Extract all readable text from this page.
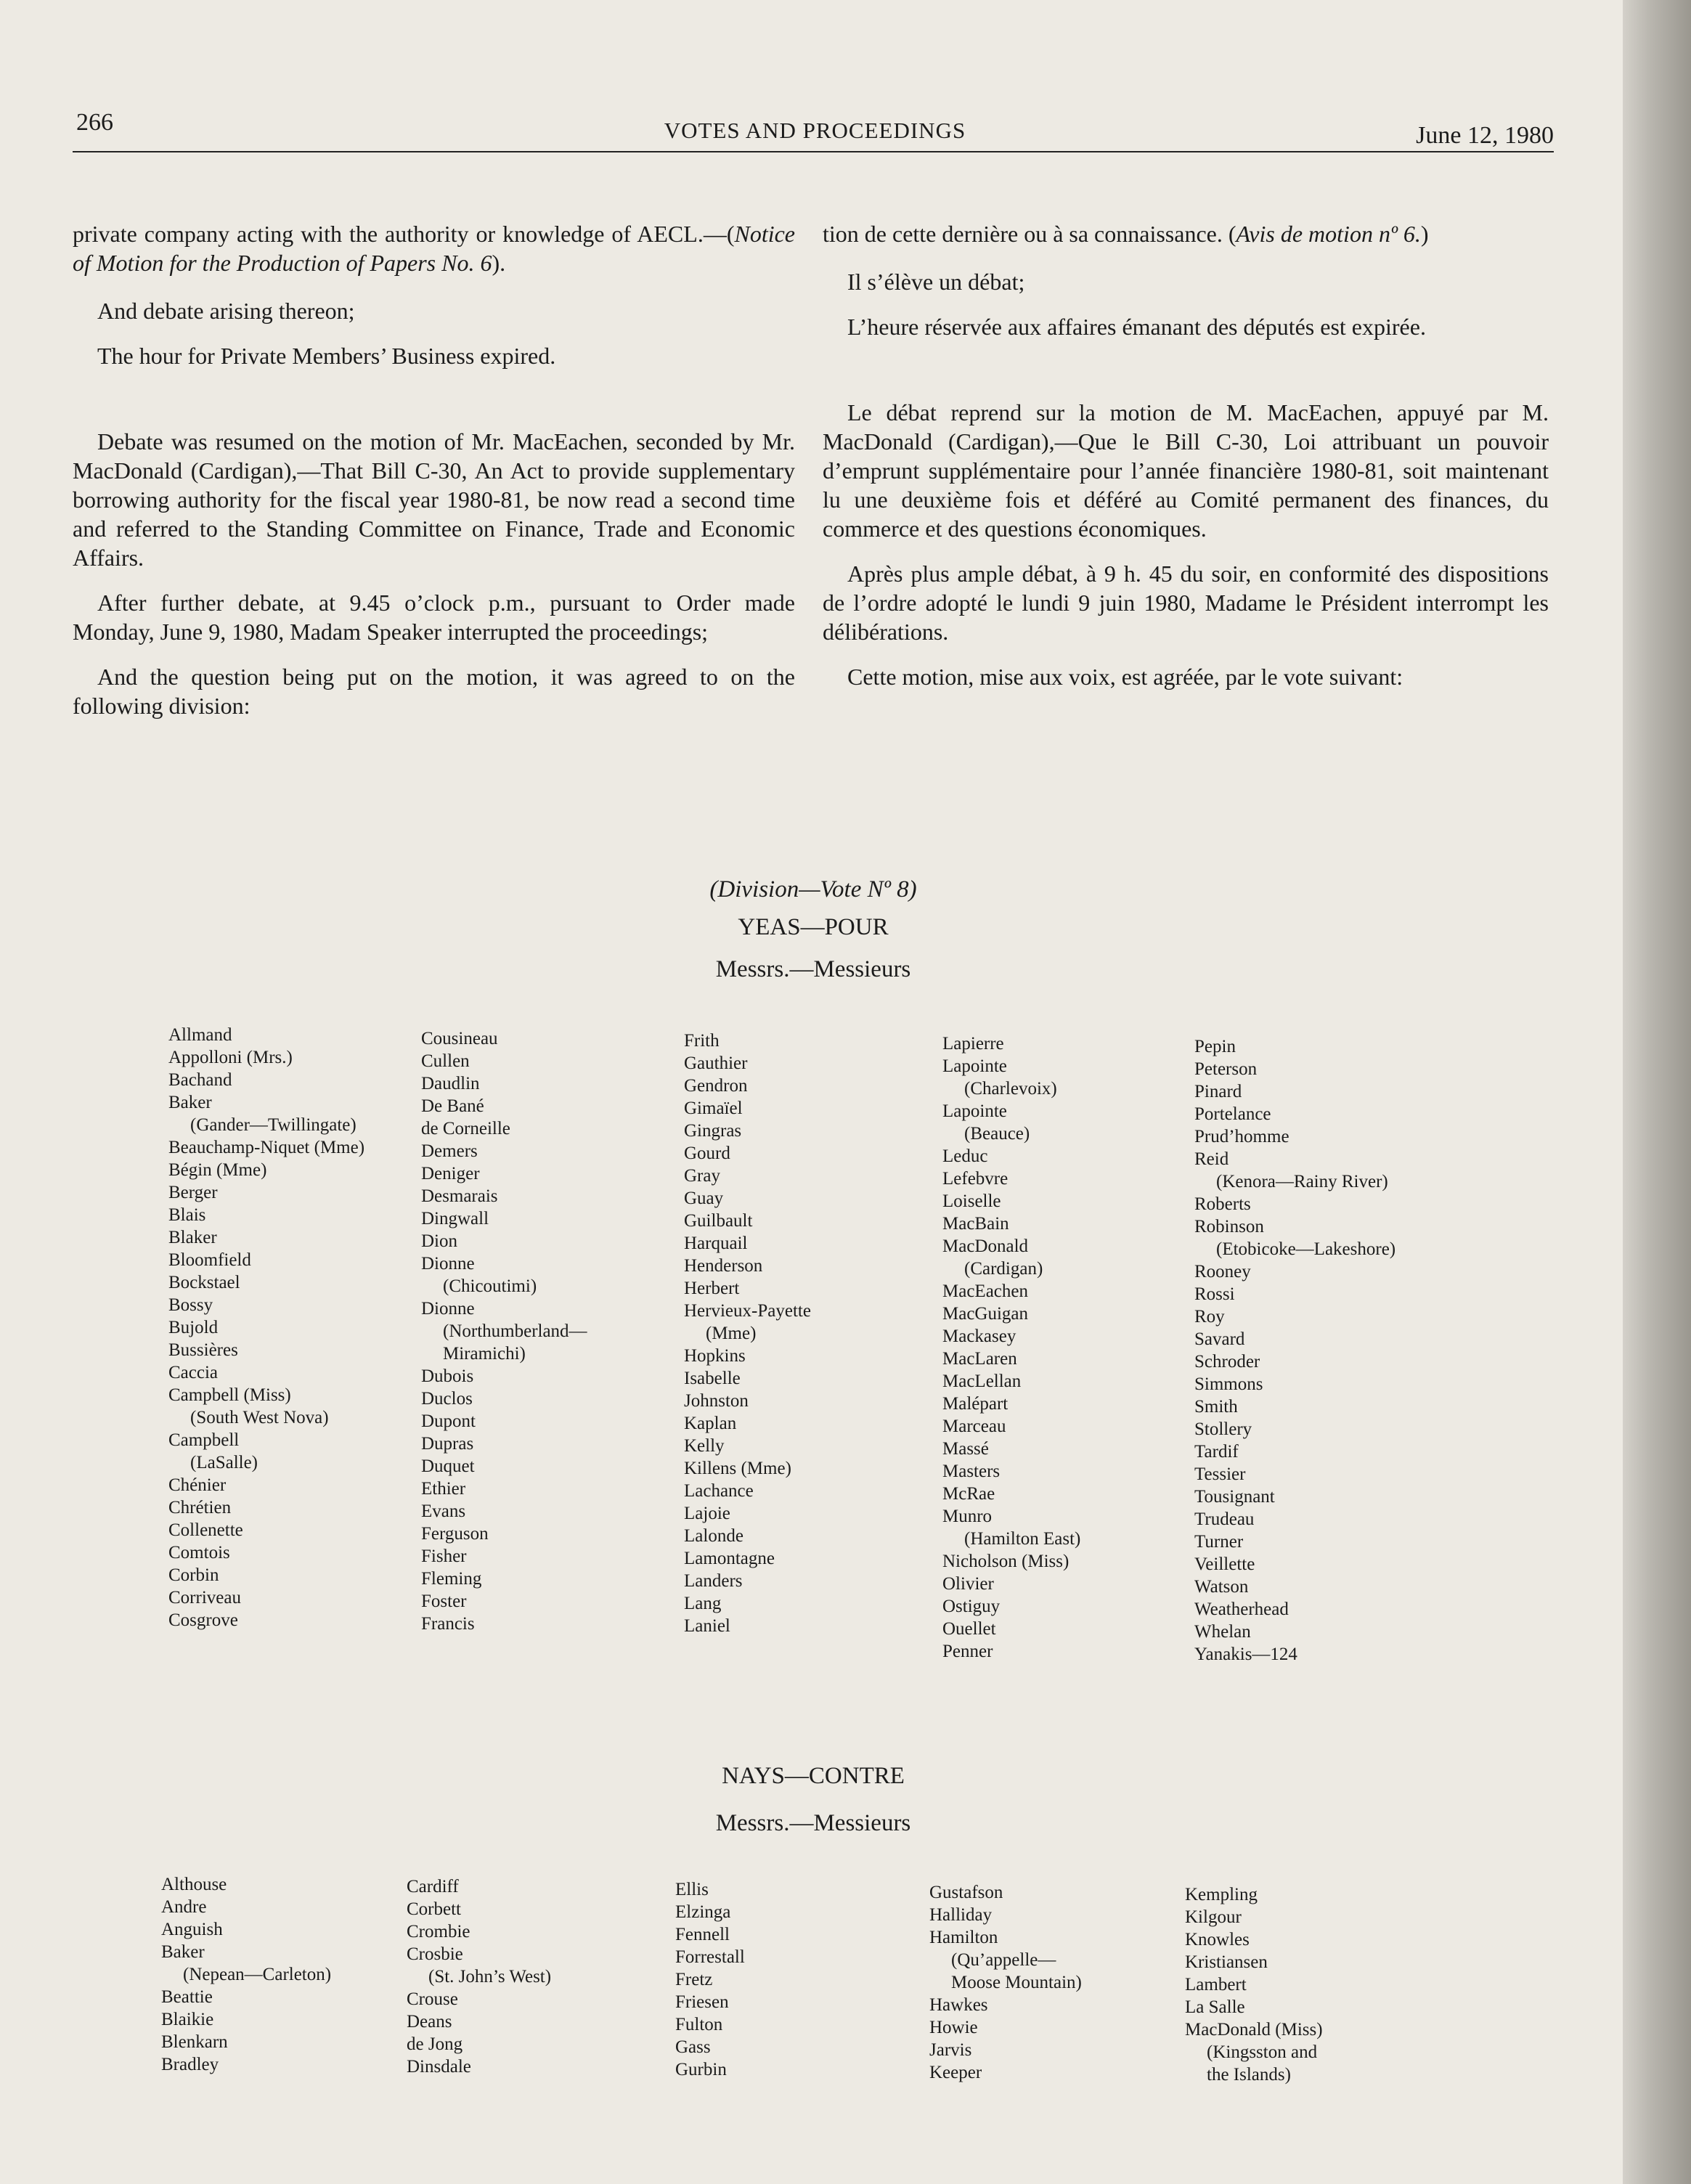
266	VOTES AND PROCEEDINGS	June 12, 1980

private company acting with the authority or knowledge of AECL.—(Notice of Motion for the Production of Papers No. 6).

And debate arising thereon;

The hour for Private Members’ Business expired.

Debate was resumed on the motion of Mr. MacEachen, seconded by Mr. MacDonald (Cardigan),—That Bill C-30, An Act to provide supplementary borrowing authority for the fiscal year 1980-81, be now read a second time and referred to the Standing Committee on Finance, Trade and Economic Affairs.

After further debate, at 9.45 o’clock p.m., pursuant to Order made Monday, June 9, 1980, Madam Speaker interrupted the proceedings;

And the question being put on the motion, it was agreed to on the following division:

tion de cette dernière ou à sa connaissance. (Avis de motion nº 6.)

Il s’élève un débat;

L’heure réservée aux affaires émanant des députés est expirée.

Le débat reprend sur la motion de M. MacEachen, appuyé par M. MacDonald (Cardigan),—Que le Bill C-30, Loi attribuant un pouvoir d’emprunt supplémentaire pour l’année financière 1980-81, soit maintenant lu une deuxième fois et déféré au Comité permanent des finances, du commerce et des questions économiques.

Après plus ample débat, à 9 h. 45 du soir, en conformité des dispositions de l’ordre adopté le lundi 9 juin 1980, Madame le Président interrompt les délibérations.

Cette motion, mise aux voix, est agréée, par le vote suivant:

(Division—Vote Nº 8)
YEAS—POUR
Messrs.—Messieurs
Allmand
Appolloni (Mrs.)
Bachand
Baker
(Gander—Twillingate)
Beauchamp-Niquet (Mme)
Bégin (Mme)
Berger
Blais
Blaker
Bloomfield
Bockstael
Bossy
Bujold
Bussières
Caccia
Campbell (Miss)
(South West Nova)
Campbell
(LaSalle)
Chénier
Chrétien
Collenette
Comtois
Corbin
Corriveau
Cosgrove
Cousineau
Cullen
Daudlin
De Bané
de Corneille
Demers
Deniger
Desmarais
Dingwall
Dion
Dionne
(Chicoutimi)
Dionne
(Northumberland—
Miramichi)
Dubois
Duclos
Dupont
Dupras
Duquet
Ethier
Evans
Ferguson
Fisher
Fleming
Foster
Francis
Frith
Gauthier
Gendron
Gimaïel
Gingras
Gourd
Gray
Guay
Guilbault
Harquail
Henderson
Herbert
Hervieux-Payette
(Mme)
Hopkins
Isabelle
Johnston
Kaplan
Kelly
Killens (Mme)
Lachance
Lajoie
Lalonde
Lamontagne
Landers
Lang
Laniel
Lapierre
Lapointe
(Charlevoix)
Lapointe
(Beauce)
Leduc
Lefebvre
Loiselle
MacBain
MacDonald
(Cardigan)
MacEachen
MacGuigan
Mackasey
MacLaren
MacLellan
Malépart
Marceau
Massé
Masters
McRae
Munro
(Hamilton East)
Nicholson (Miss)
Olivier
Ostiguy
Ouellet
Penner
Pepin
Peterson
Pinard
Portelance
Prud’homme
Reid
(Kenora—Rainy River)
Roberts
Robinson
(Etobicoke—Lakeshore)
Rooney
Rossi
Roy
Savard
Schroder
Simmons
Smith
Stollery
Tardif
Tessier
Tousignant
Trudeau
Turner
Veillette
Watson
Weatherhead
Whelan
Yanakis—124
NAYS—CONTRE
Messrs.—Messieurs
Althouse
Andre
Anguish
Baker
(Nepean—Carleton)
Beattie
Blaikie
Blenkarn
Bradley
Cardiff
Corbett
Crombie
Crosbie
(St. John’s West)
Crouse
Deans
de Jong
Dinsdale
Ellis
Elzinga
Fennell
Forrestall
Fretz
Friesen
Fulton
Gass
Gurbin
Gustafson
Halliday
Hamilton
(Qu’appelle—
Moose Mountain)
Hawkes
Howie
Jarvis
Keeper
Kempling
Kilgour
Knowles
Kristiansen
Lambert
La Salle
MacDonald (Miss)
(Kingsston and
the Islands)
